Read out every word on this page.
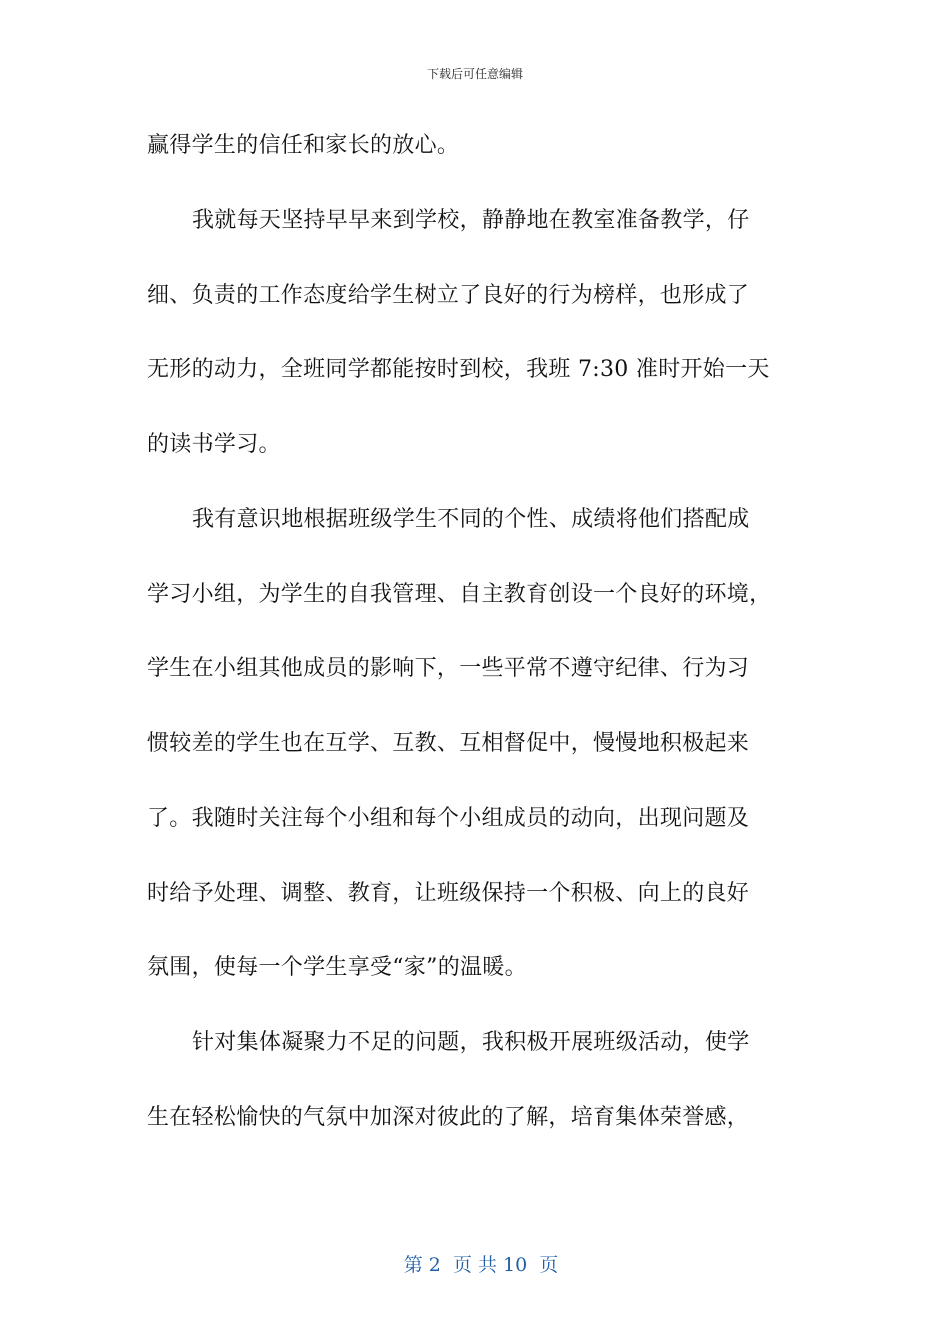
下载后可任意编辑
赢得学生的信任和家长的放心。
我就每天坚持早早来到学校，静静地在教室准备教学，仔
细、负责的工作态度给学生树立了良好的行为榜样，也形成了
无形的动力，全班同学都能按时到校，我班 7:30 准时开始一天
的读书学习。
我有意识地根据班级学生不同的个性、成绩将他们搭配成
学习小组，为学生的自我管理、自主教育创设一个良好的环境，
学生在小组其他成员的影响下，一些平常不遵守纪律、行为习
惯较差的学生也在互学、互教、互相督促中，慢慢地积极起来
了。我随时关注每个小组和每个小组成员的动向，出现问题及
时给予处理、调整、教育，让班级保持一个积极、向上的良好
氛围，使每一个学生享受“家”的温暖。
针对集体凝聚力不足的问题，我积极开展班级活动，使学
生在轻松愉快的气氛中加深对彼此的了解，培育集体荣誉感，

第 2  页 共 10  页
